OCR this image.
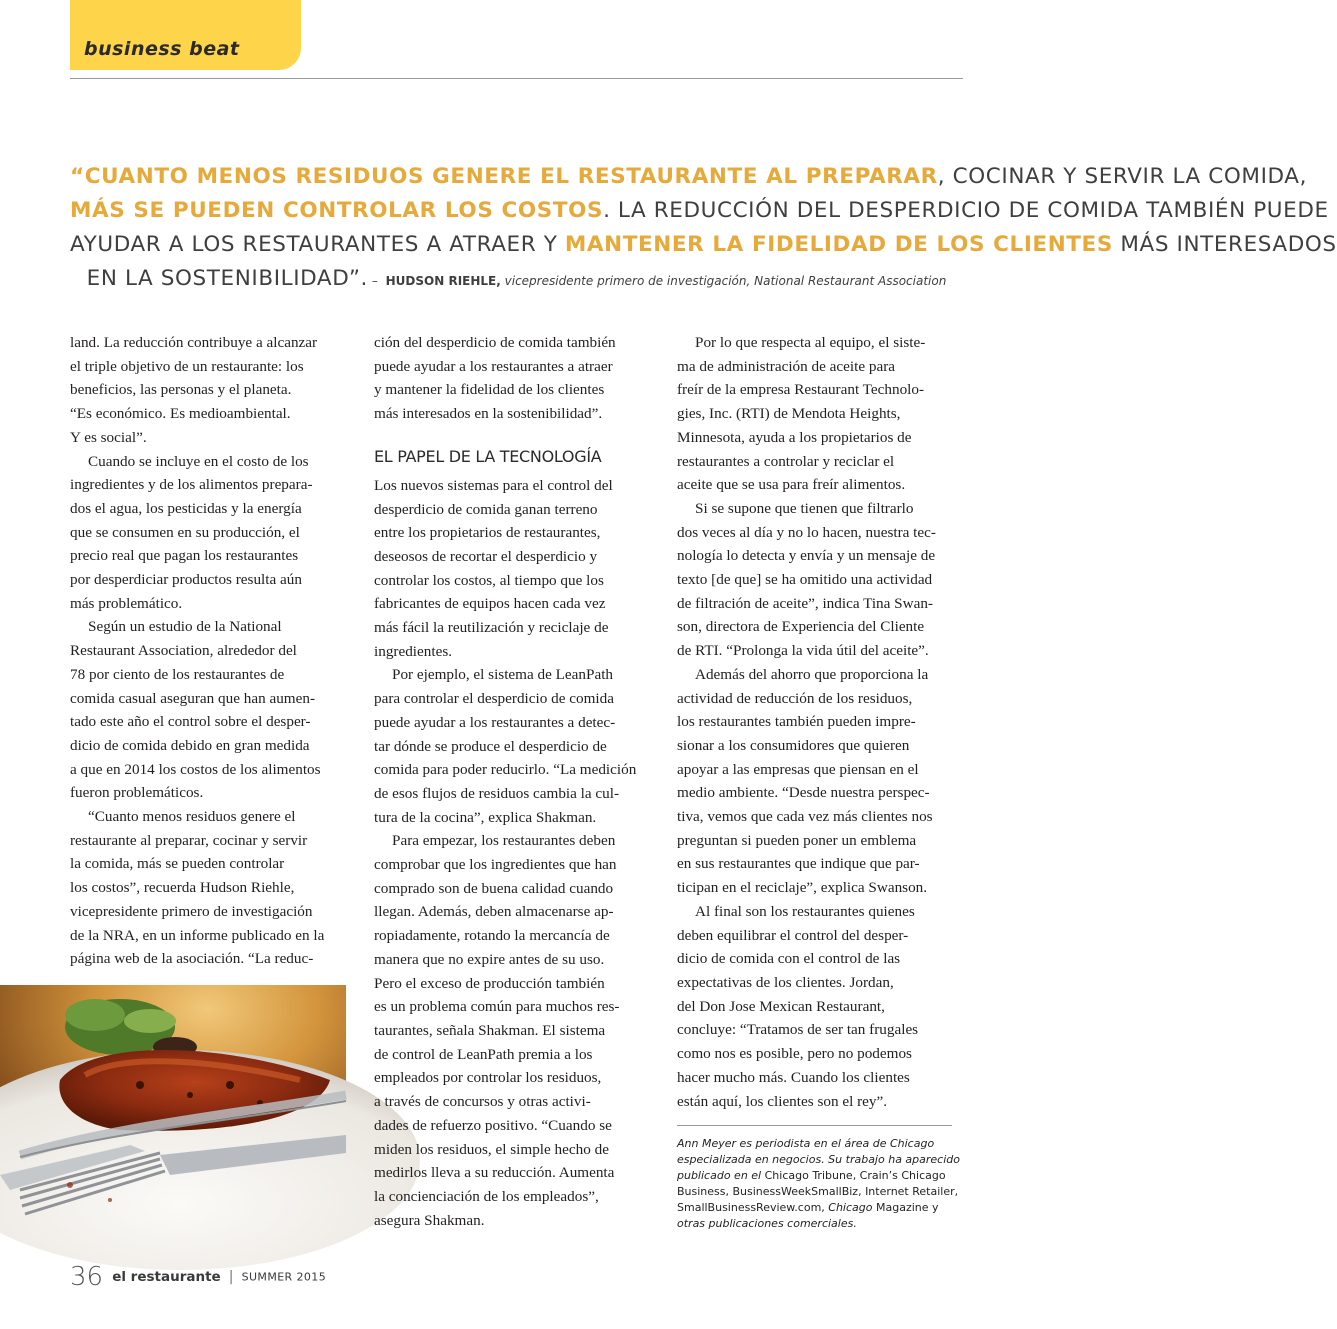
business beat
“CUANTO MENOS RESIDUOS GENERE EL RESTAURANTE AL PREPARAR, COCINAR Y SERVIR LA COMIDA,
MÁS SE PUEDEN CONTROLAR LOS COSTOS. LA REDUCCIÓN DEL DESPERDICIO DE COMIDA TAMBIÉN PUEDE
AYUDAR A LOS RESTAURANTES A ATRAER Y MANTENER LA FIDELIDAD DE LOS CLIENTES MÁS INTERESADOS
EN LA SOSTENIBILIDAD”. – HUDSON RIEHLE, vicepresidente primero de investigación, National Restaurant Association

land. La reducción contribuye a alcanzar
el triple objetivo de un restaurante: los
beneficios, las personas y el planeta.
“Es económico. Es medioambiental.
Y es social”.

Cuando se incluye en el costo de los
ingredientes y de los alimentos prepara-
dos el agua, los pesticidas y la energía
que se consumen en su producción, el
precio real que pagan los restaurantes
por desperdiciar productos resulta aún
más problemático.

Según un estudio de la National
Restaurant Association, alrededor del
78 por ciento de los restaurantes de
comida casual aseguran que han aumen-
tado este año el control sobre el desper-
dicio de comida debido en gran medida
a que en 2014 los costos de los alimentos
fueron problemáticos.

“Cuanto menos residuos genere el
restaurante al preparar, cocinar y servir
la comida, más se pueden controlar
los costos”, recuerda Hudson Riehle,
vicepresidente primero de investigación
de la NRA, en un informe publicado en la
página web de la asociación. “La reduc-

ción del desperdicio de comida también
puede ayudar a los restaurantes a atraer
y mantener la fidelidad de los clientes
más interesados en la sostenibilidad”.

EL PAPEL DE LA TECNOLOGÍA

Los nuevos sistemas para el control del
desperdicio de comida ganan terreno
entre los propietarios de restaurantes,
deseosos de recortar el desperdicio y
controlar los costos, al tiempo que los
fabricantes de equipos hacen cada vez
más fácil la reutilización y reciclaje de
ingredientes.

Por ejemplo, el sistema de LeanPath
para controlar el desperdicio de comida
puede ayudar a los restaurantes a detec-
tar dónde se produce el desperdicio de
comida para poder reducirlo. “La medición
de esos flujos de residuos cambia la cul-
tura de la cocina”, explica Shakman.

Para empezar, los restaurantes deben
comprobar que los ingredientes que han
comprado son de buena calidad cuando
llegan. Además, deben almacenarse ap-
ropiadamente, rotando la mercancía de
manera que no expire antes de su uso.
Pero el exceso de producción también
es un problema común para muchos res-
taurantes, señala Shakman. El sistema
de control de LeanPath premia a los
empleados por controlar los residuos,
a través de concursos y otras activi-
dades de refuerzo positivo. “Cuando se
miden los residuos, el simple hecho de
medirlos lleva a su reducción. Aumenta
la concienciación de los empleados”,
asegura Shakman.

Por lo que respecta al equipo, el siste-
ma de administración de aceite para
freír de la empresa Restaurant Technolo-
gies, Inc. (RTI) de Mendota Heights,
Minnesota, ayuda a los propietarios de
restaurantes a controlar y reciclar el
aceite que se usa para freír alimentos.

Si se supone que tienen que filtrarlo
dos veces al día y no lo hacen, nuestra tec-
nología lo detecta y envía y un mensaje de
texto [de que] se ha omitido una actividad
de filtración de aceite”, indica Tina Swan-
son, directora de Experiencia del Cliente
de RTI. “Prolonga la vida útil del aceite”.

Además del ahorro que proporciona la
actividad de reducción de los residuos,
los restaurantes también pueden impre-
sionar a los consumidores que quieren
apoyar a las empresas que piensan en el
medio ambiente. “Desde nuestra perspec-
tiva, vemos que cada vez más clientes nos
preguntan si pueden poner un emblema
en sus restaurantes que indique que par-
ticipan en el reciclaje”, explica Swanson.

Al final son los restaurantes quienes
deben equilibrar el control del desper-
dicio de comida con el control de las
expectativas de los clientes. Jordan,
del Don Jose Mexican Restaurant,
concluye: “Tratamos de ser tan frugales
como nos es posible, pero no podemos
hacer mucho más. Cuando los clientes
están aquí, los clientes son el rey”.

Ann Meyer es periodista en el área de Chicago
especializada en negocios. Su trabajo ha aparecido
publicado en el Chicago Tribune, Crain’s Chicago
Business, BusinessWeekSmallBiz, Internet Retailer,
SmallBusinessReview.com, Chicago Magazine y
otras publicaciones comerciales.
36 el restaurante | SUMMER 2015
